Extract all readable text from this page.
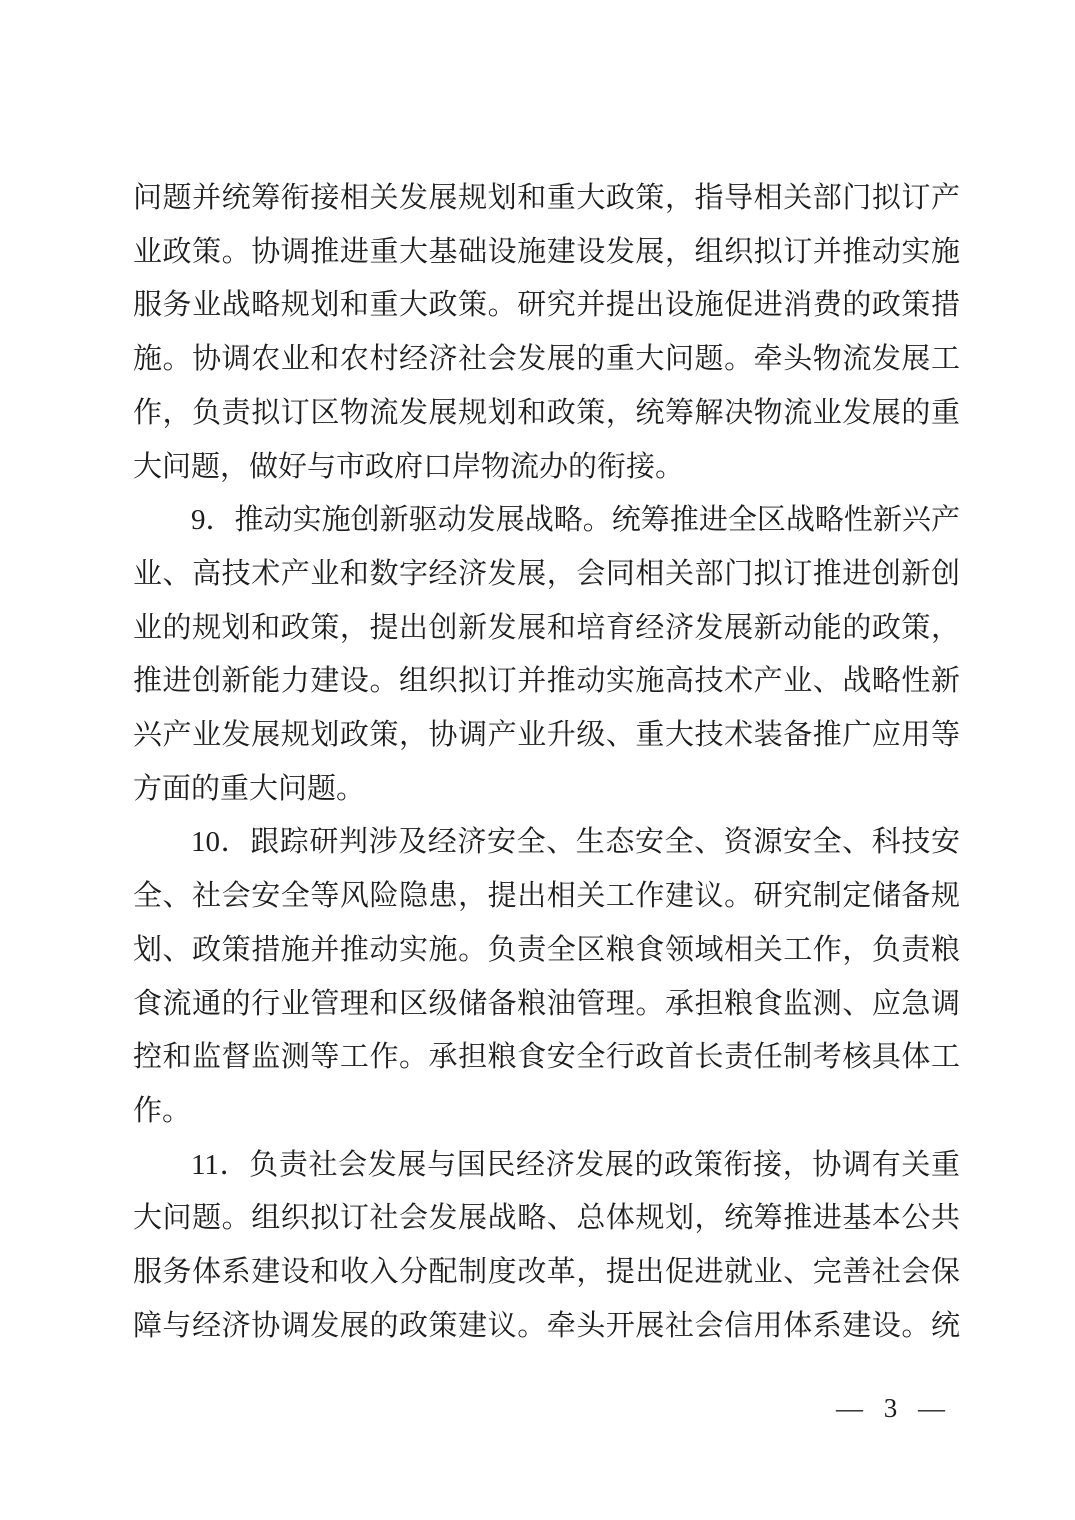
问题并统筹衔接相关发展规划和重大政策，指导相关部门拟订产业政策。协调推进重大基础设施建设发展，组织拟订并推动实施服务业战略规划和重大政策。研究并提出设施促进消费的政策措施。协调农业和农村经济社会发展的重大问题。牵头物流发展工作，负责拟订区物流发展规划和政策，统筹解决物流业发展的重大问题，做好与市政府口岸物流办的衔接。

9．推动实施创新驱动发展战略。统筹推进全区战略性新兴产业、高技术产业和数字经济发展，会同相关部门拟订推进创新创业的规划和政策，提出创新发展和培育经济发展新动能的政策，推进创新能力建设。组织拟订并推动实施高技术产业、战略性新兴产业发展规划政策，协调产业升级、重大技术装备推广应用等方面的重大问题。

10．跟踪研判涉及经济安全、生态安全、资源安全、科技安全、社会安全等风险隐患，提出相关工作建议。研究制定储备规划、政策措施并推动实施。负责全区粮食领域相关工作，负责粮食流通的行业管理和区级储备粮油管理。承担粮食监测、应急调控和监督监测等工作。承担粮食安全行政首长责任制考核具体工作。

11．负责社会发展与国民经济发展的政策衔接，协调有关重大问题。组织拟订社会发展战略、总体规划，统筹推进基本公共服务体系建设和收入分配制度改革，提出促进就业、完善社会保障与经济协调发展的政策建议。牵头开展社会信用体系建设。统

— 3 —
